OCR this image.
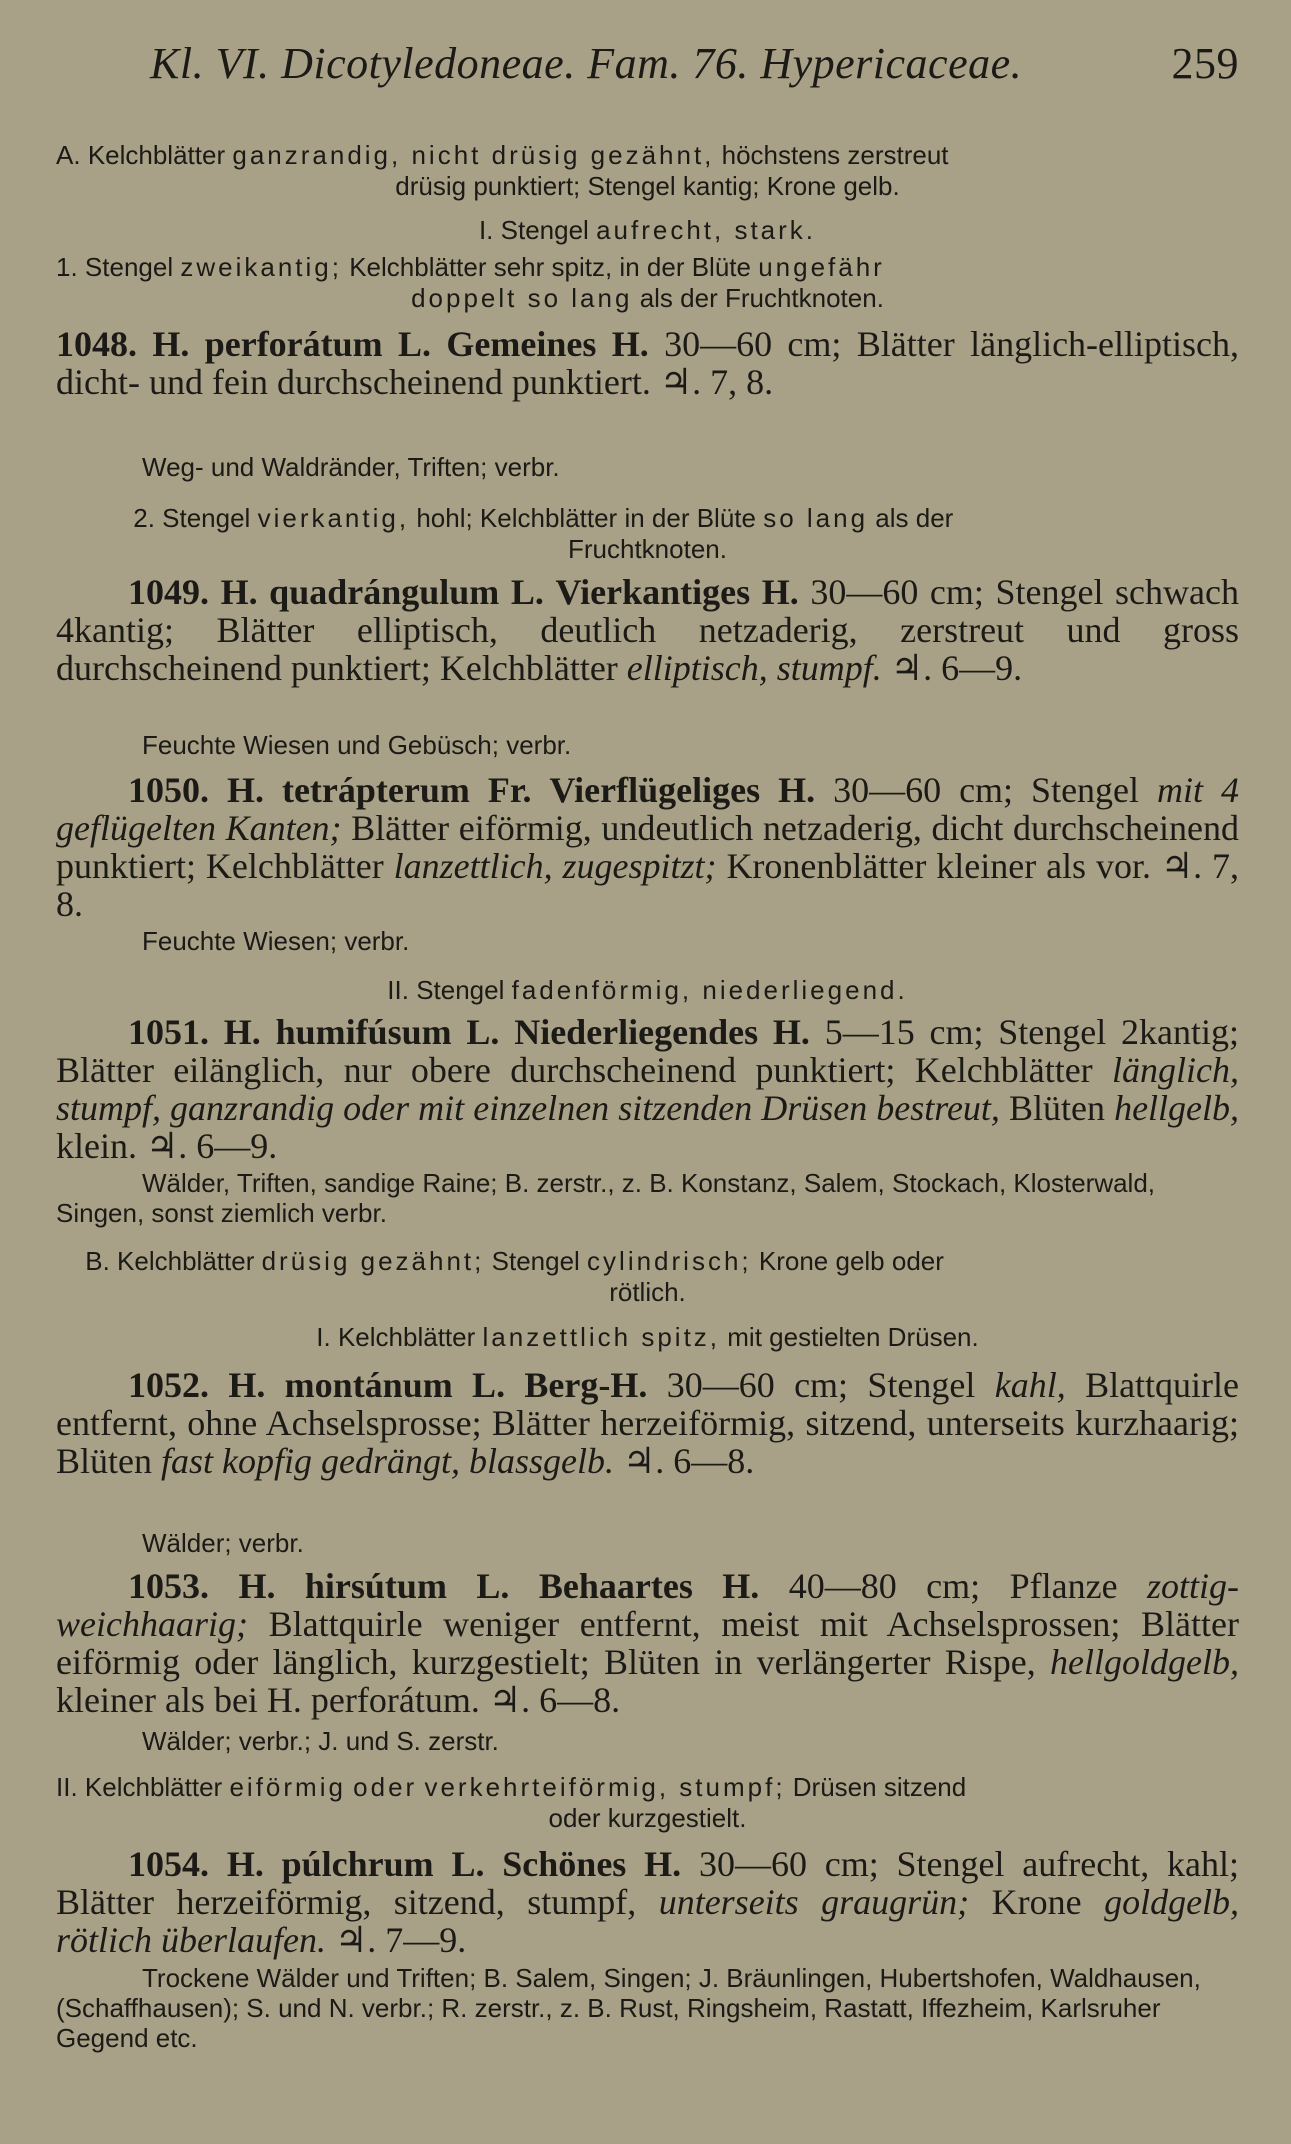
Kl. VI. Dicotyledoneae. Fam. 76. Hypericaceae.	259
A. Kelchblätter ganzrandig, nicht drüsig gezähnt, höchstens zerstreut
drüsig punktiert; Stengel kantig; Krone gelb.
I. Stengel aufrecht, stark.
1. Stengel zweikantig; Kelchblätter sehr spitz, in der Blüte ungefähr
doppelt so lang als der Fruchtknoten.
1048. H. perforátum L. Gemeines H. 30—60 cm; Blätter länglich-elliptisch, dicht- und fein durchscheinend punktiert. ♃. 7, 8.
Weg- und Waldränder, Triften; verbr.
2. Stengel vierkantig, hohl; Kelchblätter in der Blüte so lang als der
Fruchtknoten.
1049. H. quadrángulum L. Vierkantiges H. 30—60 cm; Stengel schwach 4kantig; Blätter elliptisch, deutlich netzaderig, zerstreut und gross durchscheinend punktiert; Kelchblätter elliptisch, stumpf. ♃. 6—9.
Feuchte Wiesen und Gebüsch; verbr.
1050. H. tetrápterum Fr. Vierflügeliges H. 30—60 cm; Stengel mit 4 geflügelten Kanten; Blätter eiförmig, undeutlich netzaderig, dicht durchscheinend punktiert; Kelchblätter lanzettlich, zugespitzt; Kronenblätter kleiner als vor. ♃. 7, 8.
Feuchte Wiesen; verbr.
II. Stengel fadenförmig, niederliegend.
1051. H. humifúsum L. Niederliegendes H. 5—15 cm; Stengel 2kantig; Blätter eilänglich, nur obere durchscheinend punktiert; Kelchblätter länglich, stumpf, ganzrandig oder mit einzelnen sitzenden Drüsen bestreut, Blüten hellgelb, klein. ♃. 6—9.
Wälder, Triften, sandige Raine; B. zerstr., z. B. Konstanz, Salem, Stockach, Klosterwald, Singen, sonst ziemlich verbr.
B. Kelchblätter drüsig gezähnt; Stengel cylindrisch; Krone gelb oder
rötlich.
I. Kelchblätter lanzettlich spitz, mit gestielten Drüsen.
1052. H. montánum L. Berg-H. 30—60 cm; Stengel kahl, Blattquirle entfernt, ohne Achselsprosse; Blätter herzeiförmig, sitzend, unterseits kurzhaarig; Blüten fast kopfig gedrängt, blassgelb. ♃. 6—8.
Wälder; verbr.
1053. H. hirsútum L. Behaartes H. 40—80 cm; Pflanze zottig-weichhaarig; Blattquirle weniger entfernt, meist mit Achselsprossen; Blätter eiförmig oder länglich, kurzgestielt; Blüten in verlängerter Rispe, hellgoldgelb, kleiner als bei H. perforátum. ♃. 6—8.
Wälder; verbr.; J. und S. zerstr.
II. Kelchblätter eiförmig oder verkehrteiförmig, stumpf; Drüsen sitzend
oder kurzgestielt.
1054. H. púlchrum L. Schönes H. 30—60 cm; Stengel aufrecht, kahl; Blätter herzeiförmig, sitzend, stumpf, unterseits graugrün; Krone goldgelb, rötlich überlaufen. ♃. 7—9.
Trockene Wälder und Triften; B. Salem, Singen; J. Bräunlingen, Hubertshofen, Waldhausen, (Schaffhausen); S. und N. verbr.; R. zerstr., z. B. Rust, Ringsheim, Rastatt, Iffezheim, Karlsruher Gegend etc.
